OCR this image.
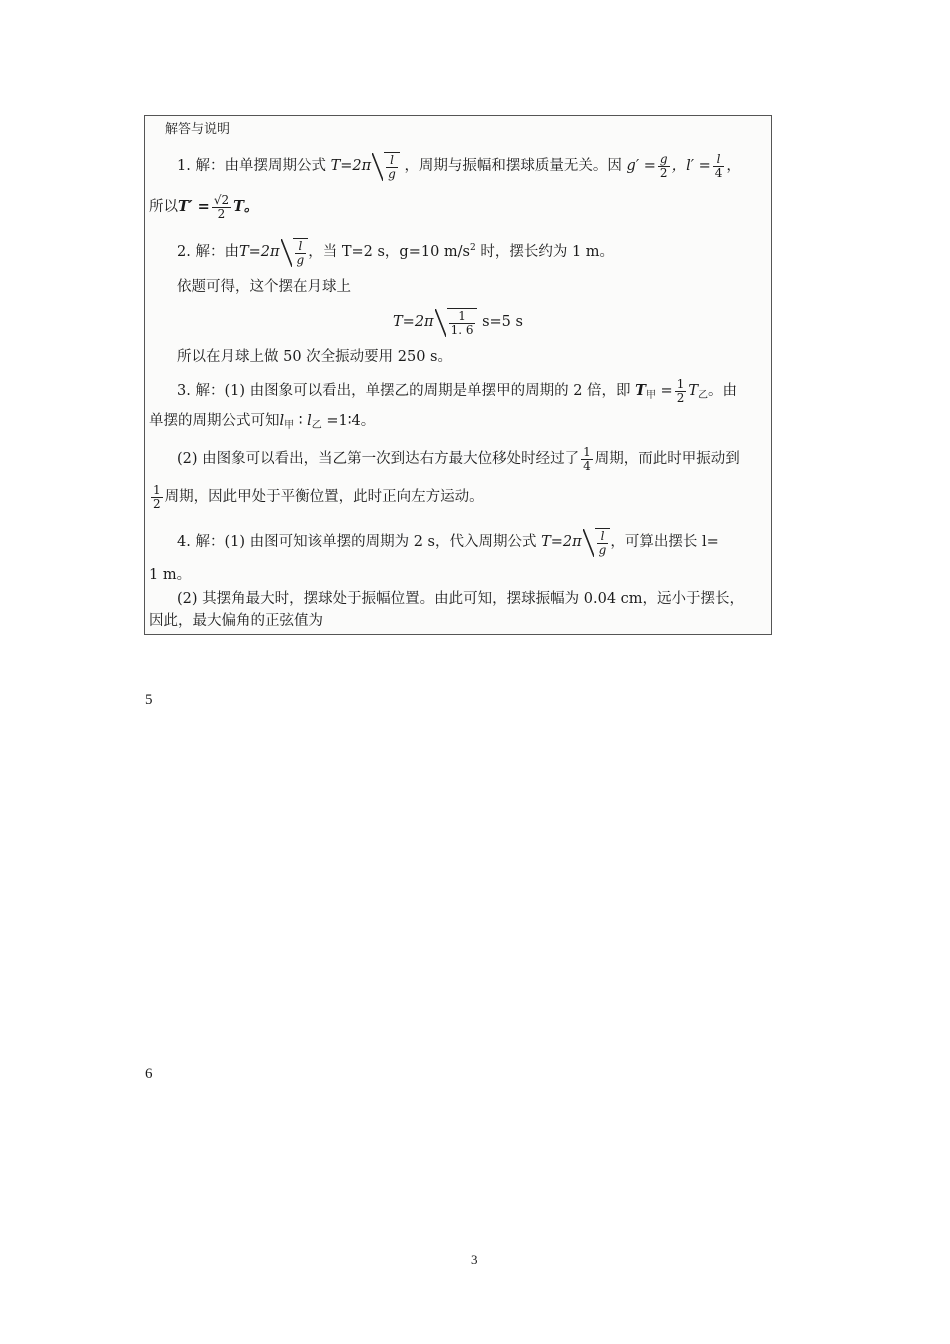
解答与说明
1. 解：由单摆周期公式 $T=2\pi \frac{l}{g}$ ，周期与振幅和摆球质量无关。因 $g' = \frac{g}{2}$ ，$l' = \frac{l}{4}$ ，
所以$T' = \frac{√2}{2}$ T。
2. 解：由$T=2\pi \frac{l}{g}$ ，当 T=2 s，g=10 $m/s^2$ 时，摆长约为 1 m。
依题可得，这个摆在月球上
$T=2\pi \frac{1}{1. 6} s=5$ s
所以在月球上做 50 次全振动要用 250 s。
3. 解：(1) 由图象可以看出，单摆乙的周期是单摆甲的周期的 2 倍，即 $T_甲 = \frac{1}{2} T_乙$。由
单摆的周期公式可知$l_甲$ ∶ $l_乙$ =1∶4。
(2) 由图象可以看出，当乙第一次到达右方最大位移处时经过了 $\frac{1}{4}$ 周期，而此时甲振动到
$\frac{1}{2}$ 周期，因此甲处于平衡位置，此时正向左方运动。
4. 解：(1) 由图可知该单摆的周期为 2 s，代入周期公式 $T=2\pi \frac{l}{g}$ ，可算出摆长 l=
1 m。
(2) 其摆角最大时，摆球处于振幅位置。由此可知，摆球振幅为 0.04 cm，远小于摆长，
因此，最大偏角的正弦值为
5
6
3
